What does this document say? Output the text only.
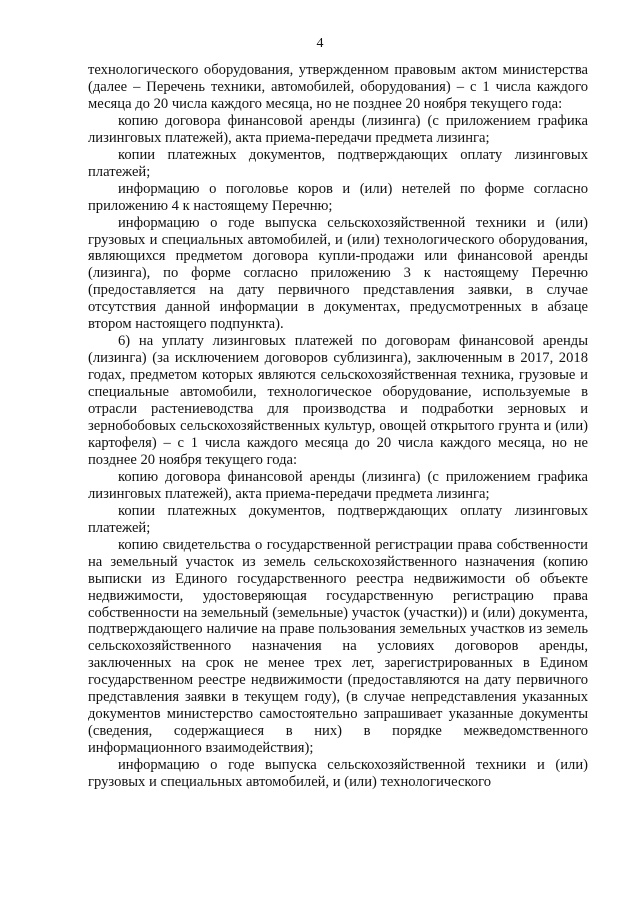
4

технологического оборудования, утвержденном правовым актом министерства (далее – Перечень техники, автомобилей, оборудования) – с 1 числа каждого месяца до 20 числа каждого месяца, но не позднее 20 ноября текущего года:

копию договора финансовой аренды (лизинга) (с приложением графика лизинговых платежей), акта приема-передачи предмета лизинга;

копии платежных документов, подтверждающих оплату лизинговых платежей;

информацию о поголовье коров и (или) нетелей по форме согласно приложению 4 к настоящему Перечню;

информацию о годе выпуска сельскохозяйственной техники и (или) грузовых и специальных автомобилей, и (или) технологического оборудования, являющихся предметом договора купли-продажи или финансовой аренды (лизинга), по форме согласно приложению 3 к настоящему Перечню (предоставляется на дату первичного представления заявки, в случае отсутствия данной информации в документах, предусмотренных в абзаце втором настоящего подпункта).

6) на уплату лизинговых платежей по договорам финансовой аренды (лизинга) (за исключением договоров сублизинга), заключенным в 2017, 2018 годах, предметом которых являются сельскохозяйственная техника, грузовые и специальные автомобили, технологическое оборудование, используемые в отрасли растениеводства для производства и подработки зерновых и зернобобовых сельскохозяйственных культур, овощей открытого грунта и (или) картофеля) – с 1 числа каждого месяца до 20 числа каждого месяца, но не позднее 20 ноября текущего года:

копию договора финансовой аренды (лизинга) (с приложением графика лизинговых платежей), акта приема-передачи предмета лизинга;

копии платежных документов, подтверждающих оплату лизинговых платежей;

копию свидетельства о государственной регистрации права собственности на земельный участок из земель сельскохозяйственного назначения (копию выписки из Единого государственного реестра недвижимости об объекте недвижимости, удостоверяющая государственную регистрацию права собственности на земельный (земельные) участок (участки)) и (или) документа, подтверждающего наличие на праве пользования земельных участков из земель сельскохозяйственного назначения на условиях договоров аренды, заключенных на срок не менее трех лет, зарегистрированных в Едином государственном реестре недвижимости (предоставляются на дату первичного представления заявки в текущем году), (в случае непредставления указанных документов министерство самостоятельно запрашивает указанные документы (сведения, содержащиеся в них) в порядке межведомственного информационного взаимодействия);

информацию о годе выпуска сельскохозяйственной техники и (или) грузовых и специальных автомобилей, и (или) технологического
